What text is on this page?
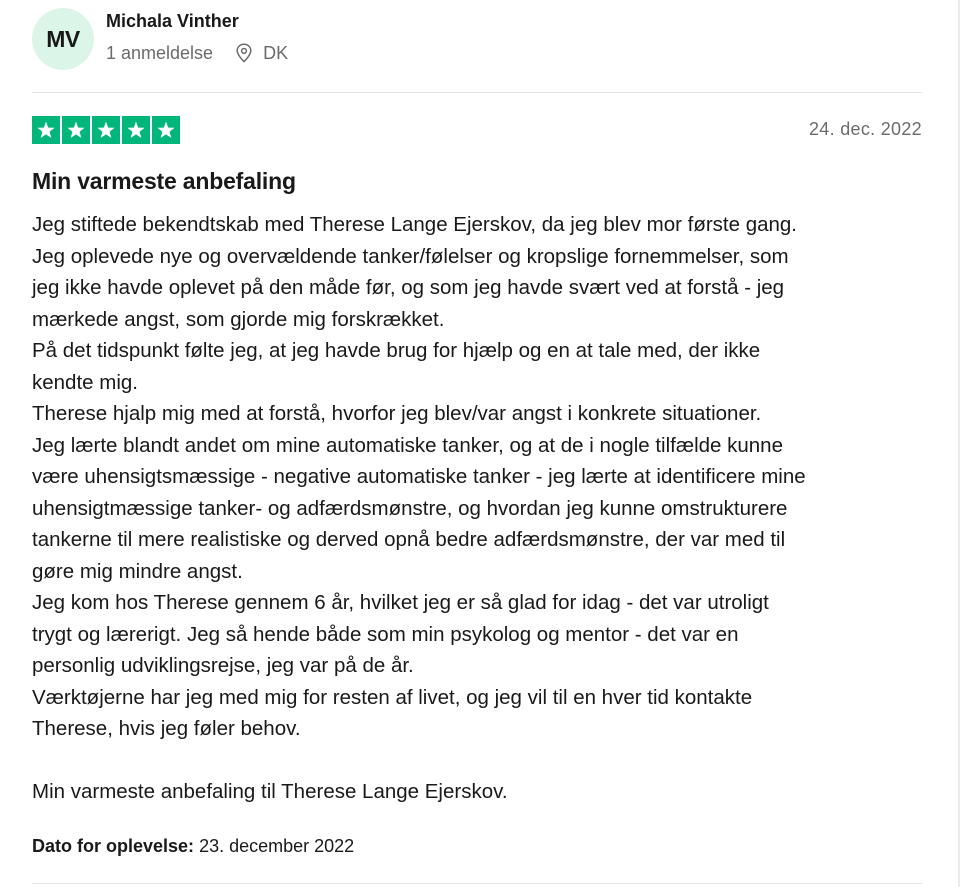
MV
Michala Vinther
1 anmeldelse	DK
24. dec. 2022
Min varmeste anbefaling
Jeg stiftede bekendtskab med Therese Lange Ejerskov, da jeg blev mor første gang.
Jeg oplevede nye og overvældende tanker/følelser og kropslige fornemmelser, som
jeg ikke havde oplevet på den måde før, og som jeg havde svært ved at forstå - jeg
mærkede angst, som gjorde mig forskrækket.
På det tidspunkt følte jeg, at jeg havde brug for hjælp og en at tale med, der ikke
kendte mig.
Therese hjalp mig med at forstå, hvorfor jeg blev/var angst i konkrete situationer.
Jeg lærte blandt andet om mine automatiske tanker, og at de i nogle tilfælde kunne
være uhensigtsmæssige - negative automatiske tanker - jeg lærte at identificere mine
uhensigtmæssige tanker- og adfærdsmønstre, og hvordan jeg kunne omstrukturere
tankerne til mere realistiske og derved opnå bedre adfærdsmønstre, der var med til
gøre mig mindre angst.
Jeg kom hos Therese gennem 6 år, hvilket jeg er så glad for idag - det var utroligt
trygt og lærerigt. Jeg så hende både som min psykolog og mentor - det var en
personlig udviklingsrejse, jeg var på de år.
Værktøjerne har jeg med mig for resten af livet, og jeg vil til en hver tid kontakte
Therese, hvis jeg føler behov.
Min varmeste anbefaling til Therese Lange Ejerskov.
Dato for oplevelse: 23. december 2022
